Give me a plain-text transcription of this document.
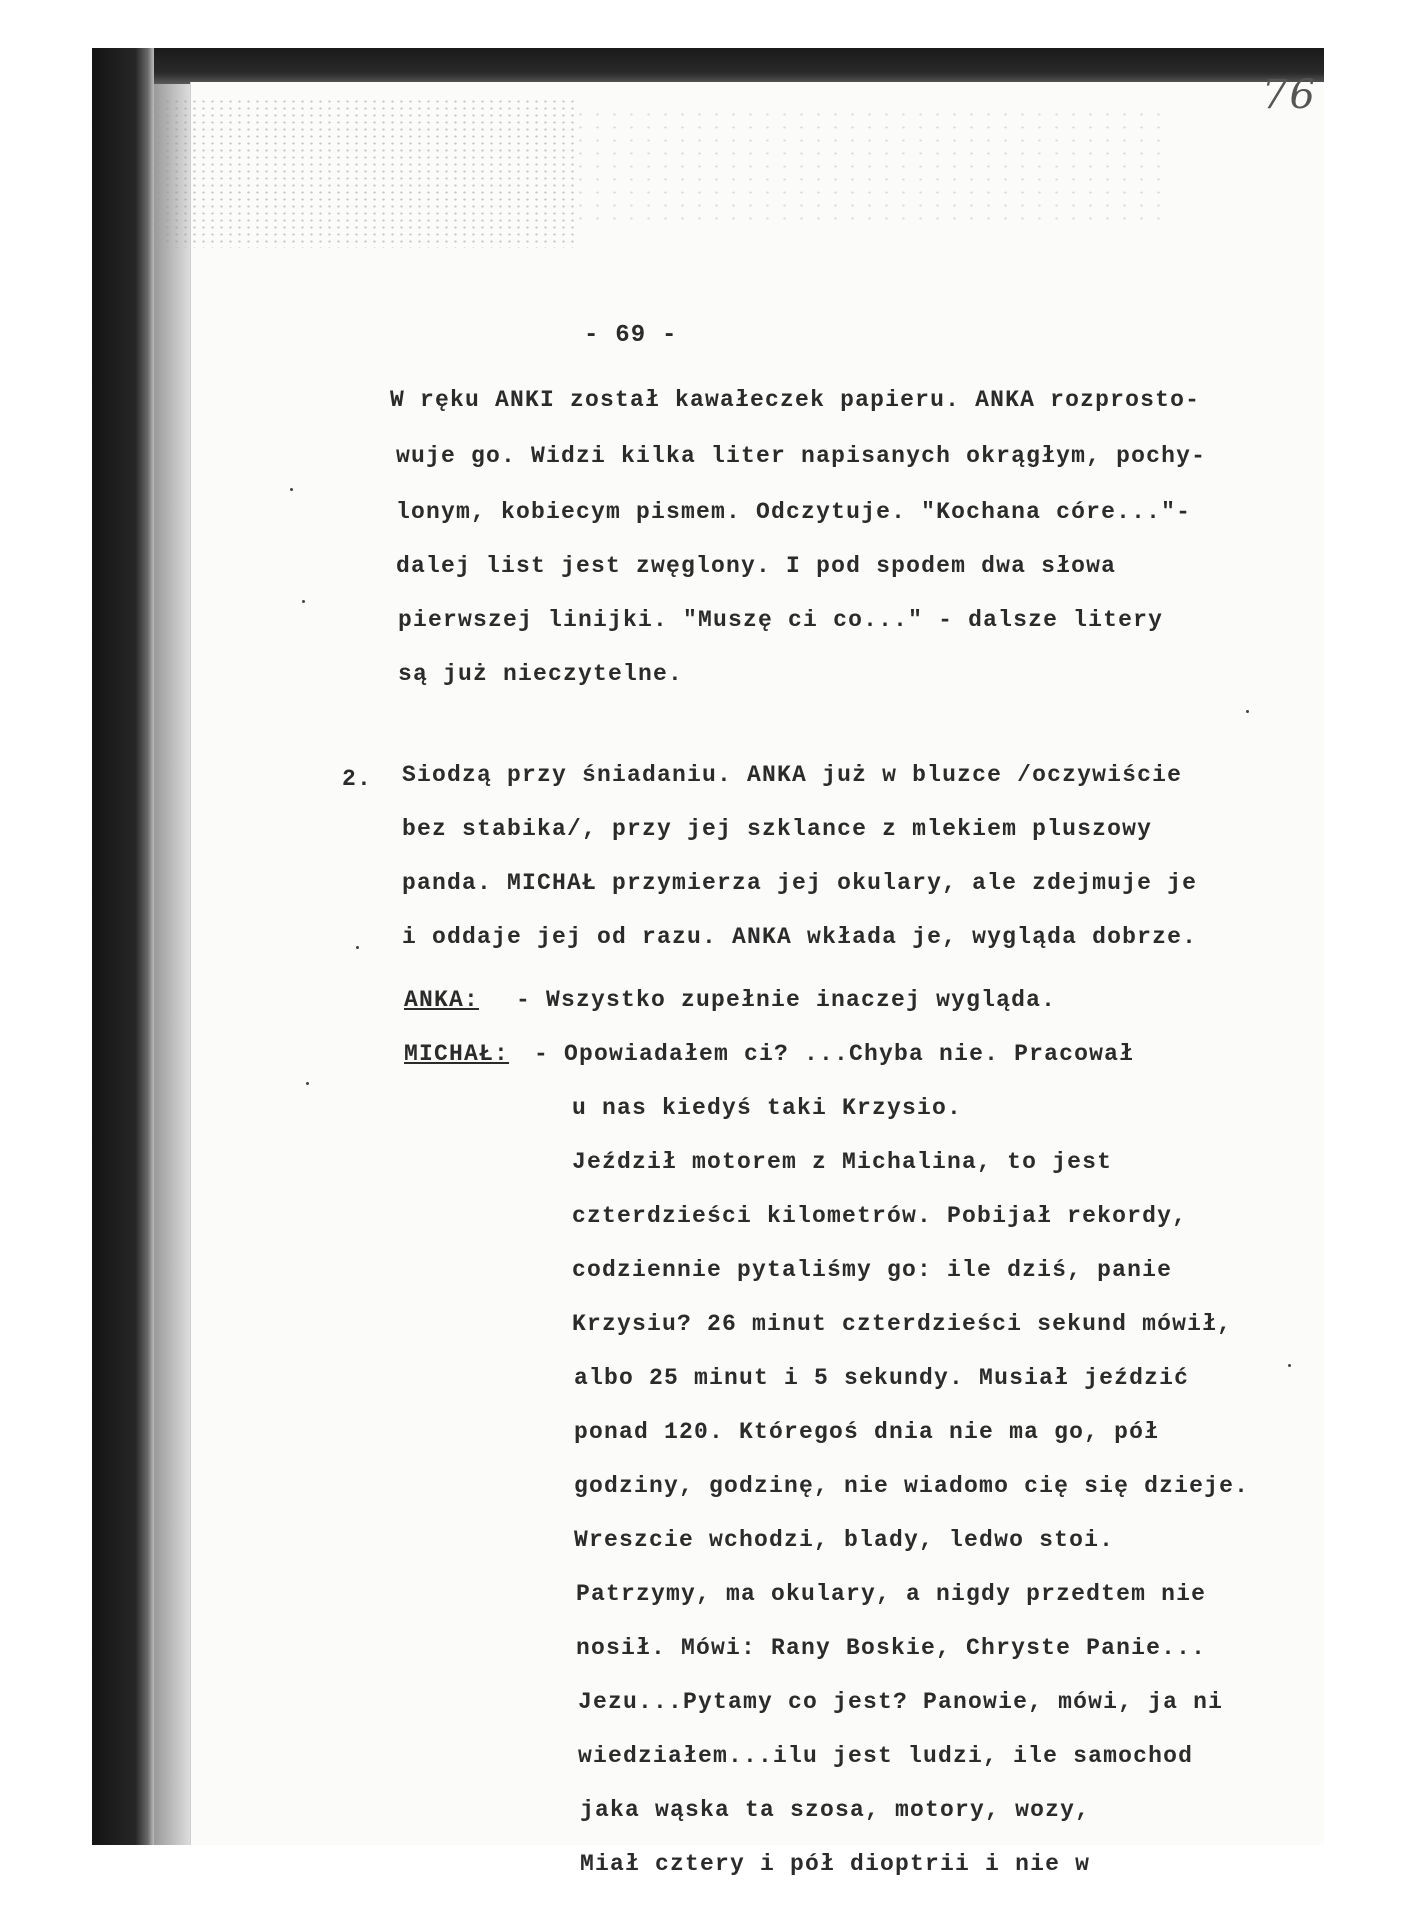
76
- 69 -
W ręku ANKI został kawałeczek papieru. ANKA rozprosto-
wuje go. Widzi kilka liter napisanych okrągłym, pochy-
lonym, kobiecym pismem. Odczytuje. "Kochana córe..."-
dalej list jest zwęglony. I pod spodem dwa słowa
pierwszej linijki. "Muszę ci co..." - dalsze litery
są już nieczytelne.
2. Siodzą przy śniadaniu. ANKA już w bluzce /oczywiście
bez stabika/, przy jej szklance z mlekiem pluszowy
panda. MICHAŁ przymierza jej okulary, ale zdejmuje je
i oddaje jej od razu. ANKA wkłada je, wygląda dobrze.
ANKA: - Wszystko zupełnie inaczej wygląda.
MICHAŁ: - Opowiadałem ci? ...Chyba nie. Pracował
u nas kiedyś taki Krzysio.
Jeździł motorem z Michalina, to jest
czterdzieści kilometrów. Pobijał rekordy,
codziennie pytaliśmy go: ile dziś, panie
Krzysiu? 26 minut czterdzieści sekund mówił,
albo 25 minut i 5 sekundy. Musiał jeździć
ponad 120. Któregoś dnia nie ma go, pół
godziny, godzinę, nie wiadomo cię się dzieje.
Wreszcie wchodzi, blady, ledwo stoi.
Patrzymy, ma okulary, a nigdy przedtem nie
nosił. Mówi: Rany Boskie, Chryste Panie...
Jezu...Pytamy co jest? Panowie, mówi, ja ni
wiedziałem...ilu jest ludzi, ile samochod
jaka wąska ta szosa, motory, wozy,
Miał cztery i pół dioptrii i nie w
